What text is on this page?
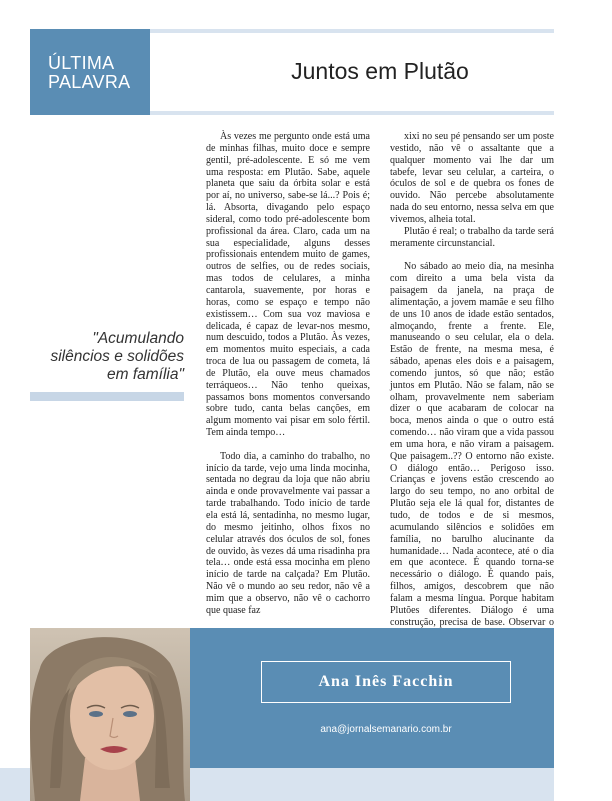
ÚLTIMA
PALAVRA	Juntos em Plutão
"Acumulando silêncios e solidões em família"

Às vezes me pergunto onde está uma de minhas filhas, muito doce e sempre gentil, pré-adolescente. E só me vem uma resposta: em Plutão. Sabe, aquele planeta que saiu da órbita solar e está por aí, no universo, sabe-se lá...? Pois é; lá. Absorta, divagando pelo espaço sideral, como todo pré-adolescente bom profissional da área. Claro, cada um na sua especialidade, alguns desses profissionais entendem muito de games, outros de selfies, ou de redes sociais, mas todos de celulares, a minha cantarola, suavemente, por horas e horas, como se espaço e tempo não existissem… Com sua voz maviosa e delicada, é capaz de levar-nos mesmo, num descuido, todos a Plutão. Às vezes, em momentos muito especiais, a cada troca de lua ou passagem de cometa, lá de Plutão, ela ouve meus chamados terráqueos… Não tenho queixas, passamos bons momentos conversando sobre tudo, canta belas canções, em algum momento vai pisar em solo fértil. Tem ainda tempo…

Todo dia, a caminho do trabalho, no início da tarde, vejo uma linda mocinha, sentada no degrau da loja que não abriu ainda e onde provavelmente vai passar a tarde trabalhando. Todo início de tarde ela está lá, sentadinha, no mesmo lugar, do mesmo jeitinho, olhos fixos no celular através dos óculos de sol, fones de ouvido, às vezes dá uma risadinha pra tela… onde está essa mocinha em pleno início de tarde na calçada? Em Plutão. Não vê o mundo ao seu redor, não vê a mim que a observo, não vê o cachorro que quase faz

xixi no seu pé pensando ser um poste vestido, não vê o assaltante que a qualquer momento vai lhe dar um tabefe, levar seu celular, a carteira, o óculos de sol e de quebra os fones de ouvido. Não percebe absolutamente nada do seu entorno, nessa selva em que vivemos, alheia total.

Plutão é real; o trabalho da tarde será meramente circunstancial.

No sábado ao meio dia, na mesinha com direito a uma bela vista da paisagem da janela, na praça de alimentação, a jovem mamãe e seu filho de uns 10 anos de idade estão sentados, almoçando, frente a frente. Ele, manuseando o seu celular, ela o dela. Estão de frente, na mesma mesa, é sábado, apenas eles dois e a paisagem, comendo juntos, só que não; estão juntos em Plutão. Não se falam, não se olham, provavelmente nem saberiam dizer o que acabaram de colocar na boca, menos ainda o que o outro está comendo… não viram que a vida passou em uma hora, e não viram a paisagem. Que paisagem..?? O entorno não existe. O diálogo então… Perigoso isso. Crianças e jovens estão crescendo ao largo do seu tempo, no ano orbital de Plutão seja ele lá qual for, distantes de tudo, de todos e de si mesmos, acumulando silêncios e solidões em família, no barulho alucinante da humanidade… Nada acontece, até o dia em que acontece. É quando torna-se necessário o diálogo. É quando pais, filhos, amigos, descobrem que não falam a mesma língua. Porque habitam Plutões diferentes. Diálogo é uma construção, precisa de base. Observar o

Ana Inês Facchin
ana@jornalsemanario.com.br
